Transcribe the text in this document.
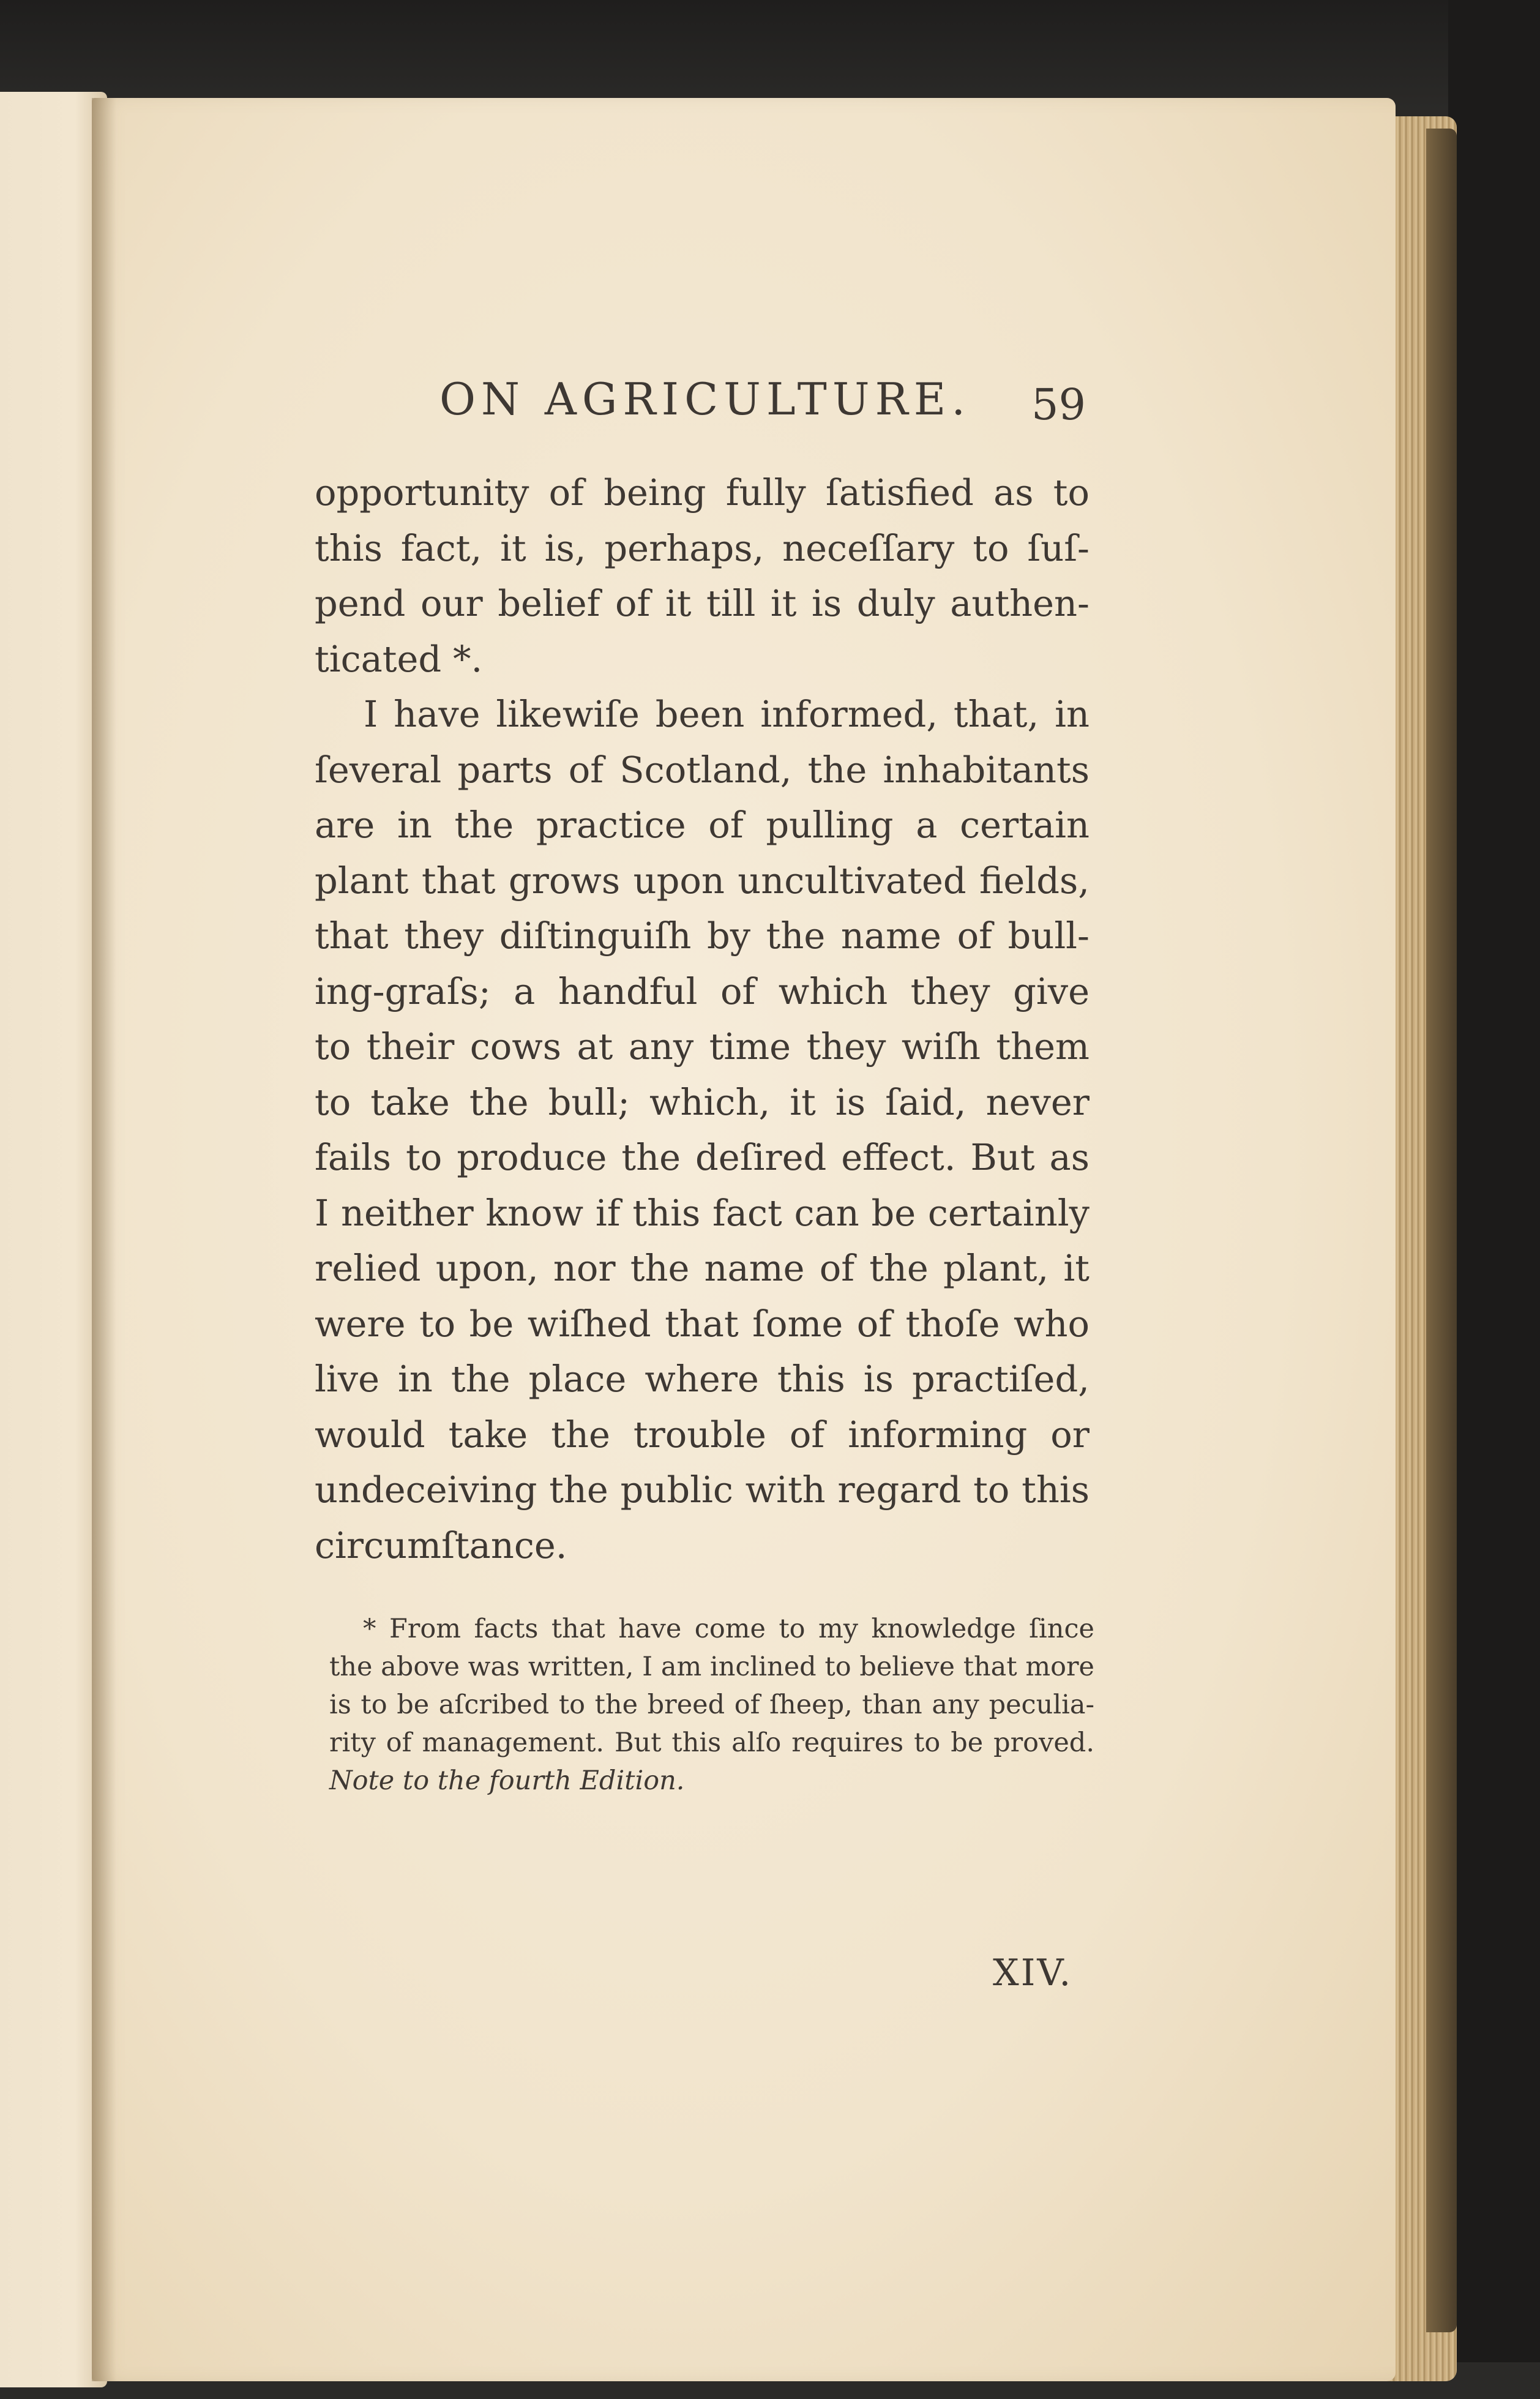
ON AGRICULTURE. 59
opportunity of being fully ſatisfied as to
this fact, it is, perhaps, neceſſary to ſuſ-
pend our belief of it till it is duly authen-
ticated *.
I have likewiſe been informed, that, in
ſeveral parts of Scotland, the inhabitants
are in the practice of pulling a certain
plant that grows upon uncultivated fields,
that they diſtinguiſh by the name of bull-
ing-graſs; a handful of which they give
to their cows at any time they wiſh them
to take the bull; which, it is ſaid, never
fails to produce the deſired effect. But as
I neither know if this fact can be certainly
relied upon, nor the name of the plant, it
were to be wiſhed that ſome of thoſe who
live in the place where this is practiſed,
would take the trouble of informing or
undeceiving the public with regard to this
circumſtance.
* From facts that have come to my knowledge ſince
the above was written, I am inclined to believe that more
is to be aſcribed to the breed of ſheep, than any peculia-
rity of management. But this alſo requires to be proved.
Note to the fourth Edition.
XIV.
